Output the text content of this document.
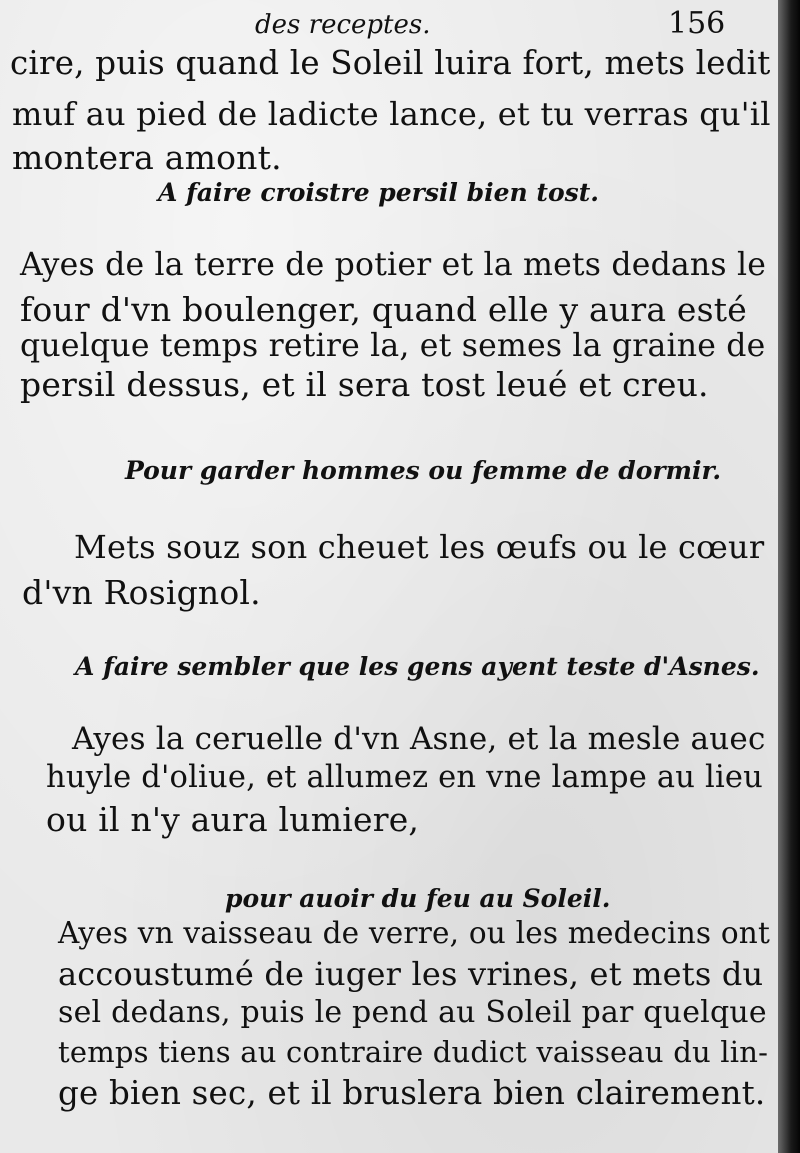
des receptes.	156
cire, puis quand le Soleil luira fort, mets ledit
muf au pied de ladicte lance, et tu verras qu'il
montera amont.
A faire croistre persil bien tost.
Ayes de la terre de potier et la mets dedans le
four d'vn boulenger, quand elle y aura esté
quelque temps retire la, et semes la graine de
persil dessus, et il sera tost leué et creu.
Pour garder hommes ou femme de dormir.
Mets souz son cheuet les œufs ou le cœur
d'vn Rosignol.
A faire sembler que les gens ayent teste d'Asnes.
Ayes la ceruelle d'vn Asne, et la mesle auec
huyle d'oliue, et allumez en vne lampe au lieu
ou il n'y aura lumiere,
pour auoir du feu au Soleil.
Ayes vn vaisseau de verre, ou les medecins ont
accoustumé de iuger les vrines, et mets du
sel dedans, puis le pend au Soleil par quelque
temps tiens au contraire dudict vaisseau du lin-
ge bien sec, et il bruslera bien clairement.
